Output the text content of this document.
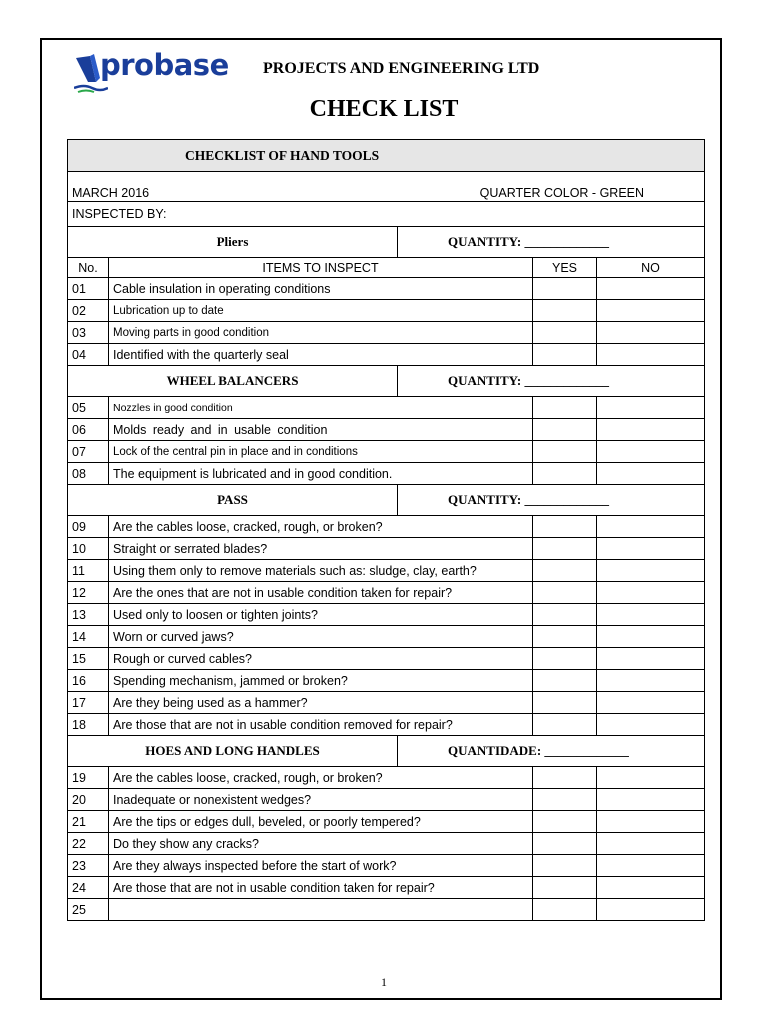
probase PROJECTS AND ENGINEERING LTD
CHECK LIST
CHECKLIST OF HAND TOOLS				
MARCH 2016 QUARTER COLOR - GREEN				

INSPECTED BY:				
Pliers		QUANTITY: _____________		
No.	ITEMS TO INSPECT		YES	NO
01	Cable insulation in operating conditions			
02	Lubrication up to date			
03	Moving parts in good condition			
04	Identified with the quarterly seal			
WHEEL BALANCERS		QUANTITY: _____________		
05	Nozzles in good condition			
06	Molds ready and in usable condition			
07	Lock of the central pin in place and in conditions			
08	The equipment is lubricated and in good condition.			
PASS		QUANTITY: _____________		
09	Are the cables loose, cracked, rough, or broken?			
10	Straight or serrated blades?			
11	Using them only to remove materials such as: sludge, clay, earth?			
12	Are the ones that are not in usable condition taken for repair?			
13	Used only to loosen or tighten joints?			
14	Worn or curved jaws?			
15	Rough or curved cables?			
16	Spending mechanism, jammed or broken?			
17	Are they being used as a hammer?			
18	Are those that are not in usable condition removed for repair?			
HOES AND LONG HANDLES		QUANTIDADE: _____________		
19	Are the cables loose, cracked, rough, or broken?			
20	Inadequate or nonexistent wedges?			
21	Are the tips or edges dull, beveled, or poorly tempered?			
22	Do they show any cracks?			
23	Are they always inspected before the start of work?			
24	Are those that are not in usable condition taken for repair?			
25				
1
